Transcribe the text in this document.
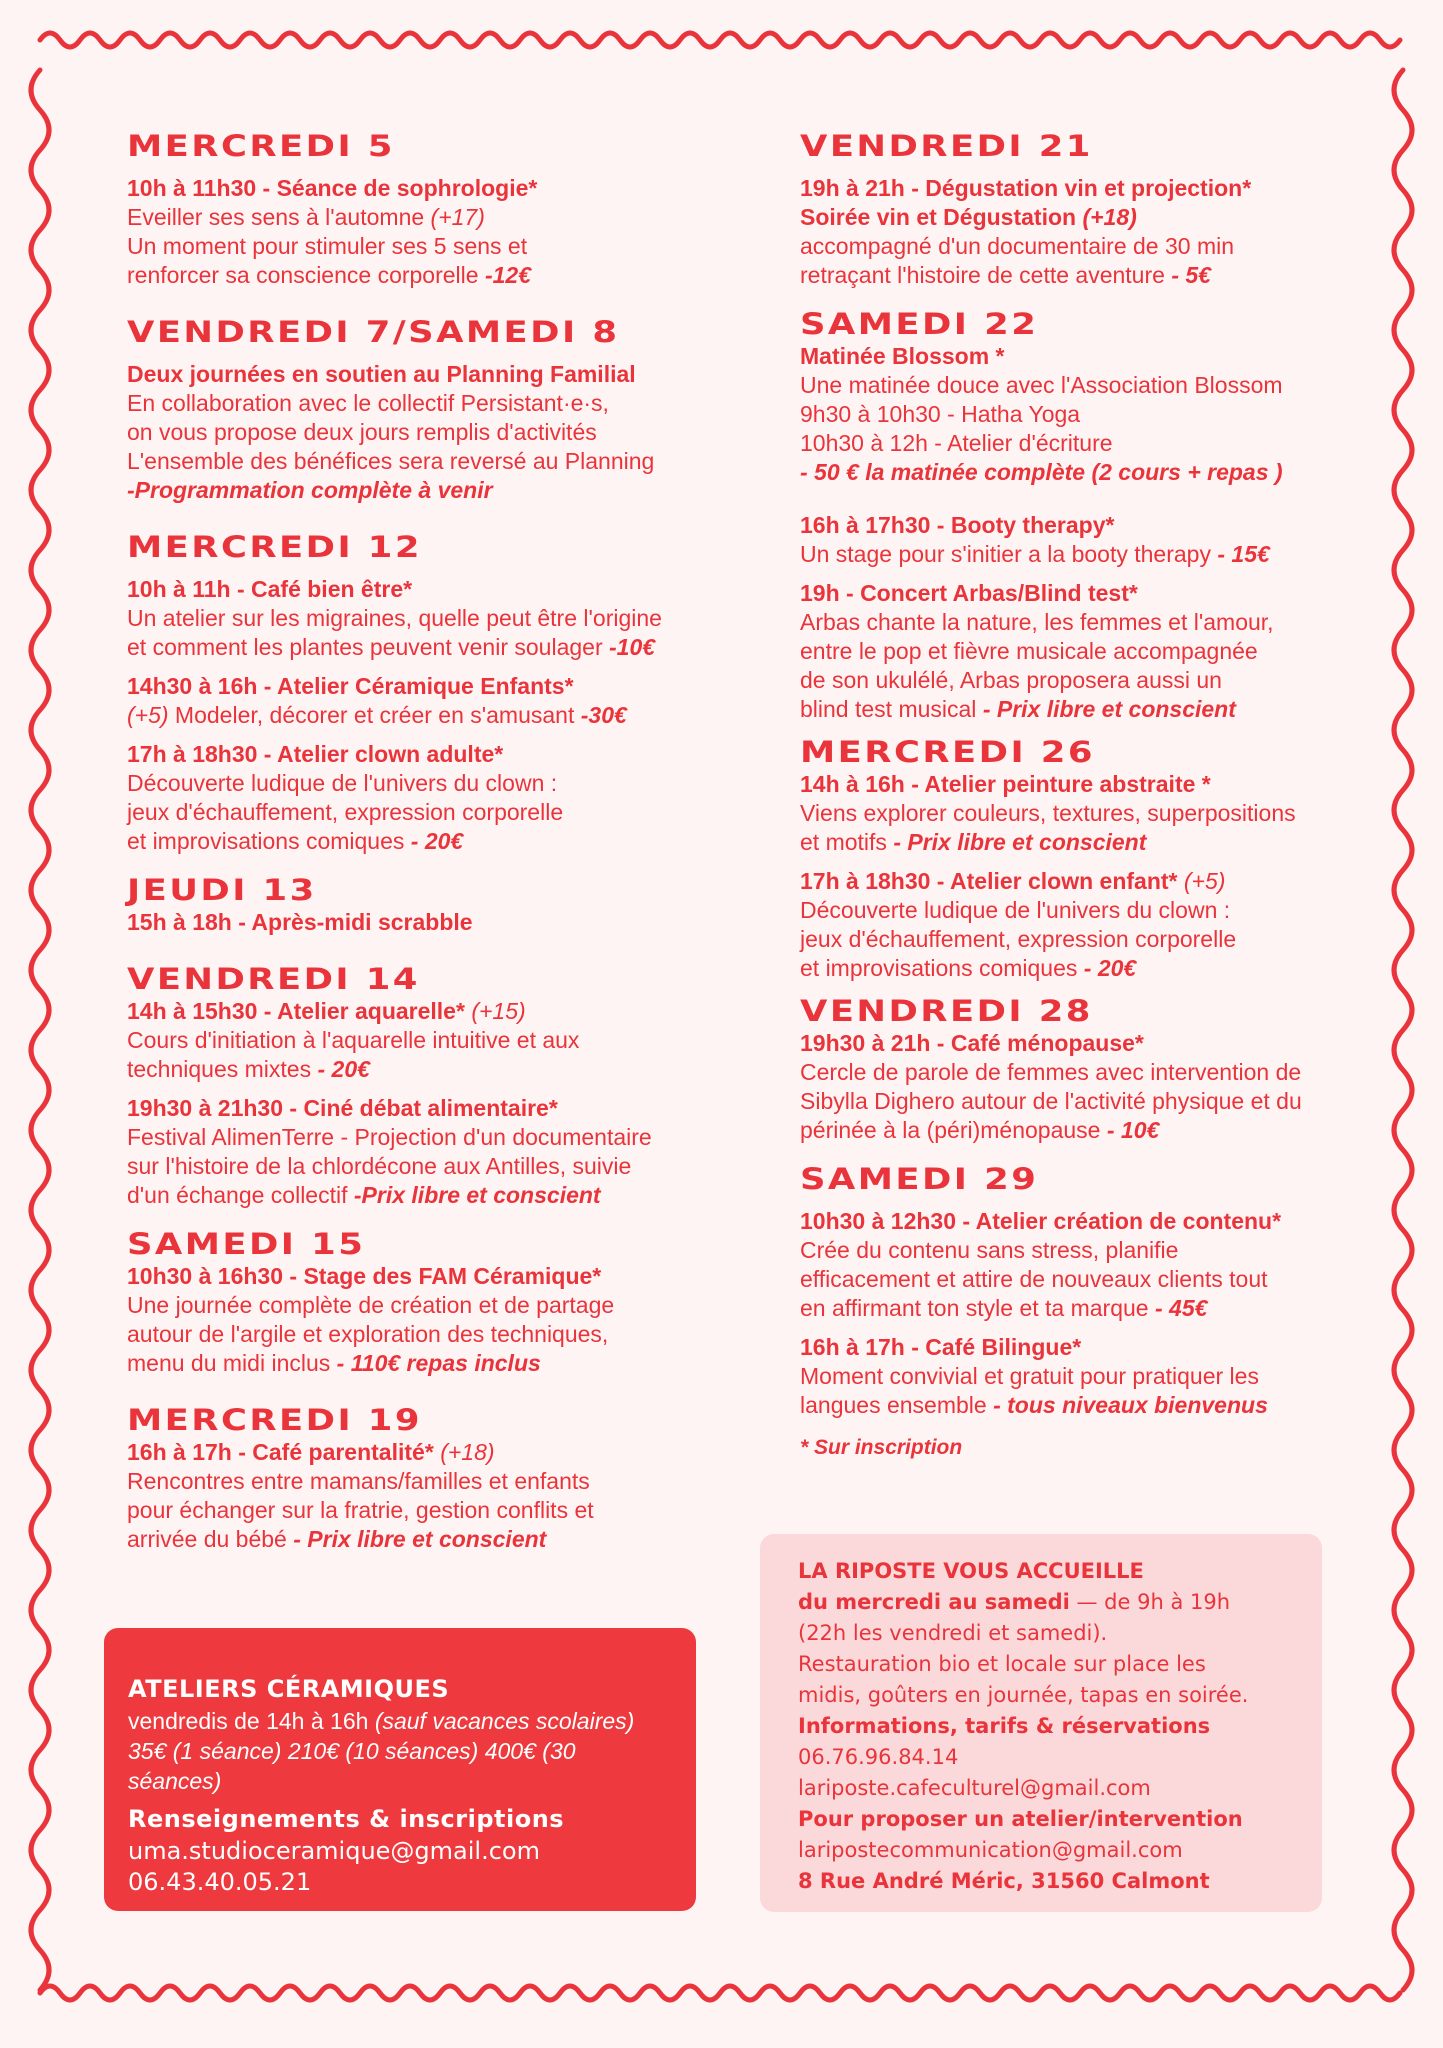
MERCREDI 5
10h à 11h30 - Séance de sophrologie*
Eveiller ses sens à l'automne (+17)
Un moment pour stimuler ses 5 sens et
renforcer sa conscience corporelle -12€
VENDREDI 7/SAMEDI 8
Deux journées en soutien au Planning Familial
En collaboration avec le collectif Persistant·e·s,
on vous propose deux jours remplis d'activités
L'ensemble des bénéfices sera reversé au Planning
-Programmation complète à venir
MERCREDI 12
10h à 11h - Café bien être*
Un atelier sur les migraines, quelle peut être l'origine
et comment les plantes peuvent venir soulager -10€
14h30 à 16h - Atelier Céramique Enfants*
(+5) Modeler, décorer et créer en s'amusant -30€
17h à 18h30 - Atelier clown adulte*
Découverte ludique de l'univers du clown :
jeux d'échauffement, expression corporelle
et improvisations comiques - 20€
JEUDI 13
15h à 18h - Après-midi scrabble
VENDREDI 14
14h à 15h30 - Atelier aquarelle* (+15)
Cours d'initiation à l'aquarelle intuitive et aux
techniques mixtes - 20€
19h30 à 21h30 - Ciné débat alimentaire*
Festival AlimenTerre - Projection d'un documentaire
sur l'histoire de la chlordécone aux Antilles, suivie
d'un échange collectif -Prix libre et conscient
SAMEDI 15
10h30 à 16h30 - Stage des FAM Céramique*
Une journée complète de création et de partage
autour de l'argile et exploration des techniques,
menu du midi inclus - 110€ repas inclus
MERCREDI 19
16h à 17h - Café parentalité* (+18)
Rencontres entre mamans/familles et enfants
pour échanger sur la fratrie, gestion conflits et
arrivée du bébé - Prix libre et conscient
VENDREDI 21
19h à 21h - Dégustation vin et projection*
Soirée vin et Dégustation (+18)
accompagné d'un documentaire de 30 min
retraçant l'histoire de cette aventure - 5€
SAMEDI 22
Matinée Blossom *
Une matinée douce avec l'Association Blossom
9h30 à 10h30 - Hatha Yoga
10h30 à 12h - Atelier d'écriture
- 50 € la matinée complète (2 cours + repas )
16h à 17h30 - Booty therapy*
Un stage pour s'initier a la booty therapy - 15€
19h - Concert Arbas/Blind test*
Arbas chante la nature, les femmes et l'amour,
entre le pop et fièvre musicale accompagnée
de son ukulélé, Arbas proposera aussi un
blind test musical - Prix libre et conscient
MERCREDI 26
14h à 16h - Atelier peinture abstraite *
Viens explorer couleurs, textures, superpositions
et motifs - Prix libre et conscient
17h à 18h30 - Atelier clown enfant* (+5)
Découverte ludique de l'univers du clown :
jeux d'échauffement, expression corporelle
et improvisations comiques - 20€
VENDREDI 28
19h30 à 21h - Café ménopause*
Cercle de parole de femmes avec intervention de
Sibylla Dighero autour de l'activité physique et du
périnée à la (péri)ménopause - 10€
SAMEDI 29
10h30 à 12h30 - Atelier création de contenu*
Crée du contenu sans stress, planifie
efficacement et attire de nouveaux clients tout
en affirmant ton style et ta marque - 45€
16h à 17h - Café Bilingue*
Moment convivial et gratuit pour pratiquer les
langues ensemble - tous niveaux bienvenus
* Sur inscription
ATELIERS CÉRAMIQUES
vendredis de 14h à 16h (sauf vacances scolaires)
35€ (1 séance) 210€ (10 séances) 400€ (30 séances)
Renseignements & inscriptions
uma.studioceramique@gmail.com
06.43.40.05.21
LA RIPOSTE VOUS ACCUEILLE
du mercredi au samedi — de 9h à 19h
(22h les vendredi et samedi).
Restauration bio et locale sur place les
midis, goûters en journée, tapas en soirée.
Informations, tarifs & réservations
06.76.96.84.14
lariposte.cafeculturel@gmail.com
Pour proposer un atelier/intervention
laripostecommunication@gmail.com
8 Rue André Méric, 31560 Calmont
